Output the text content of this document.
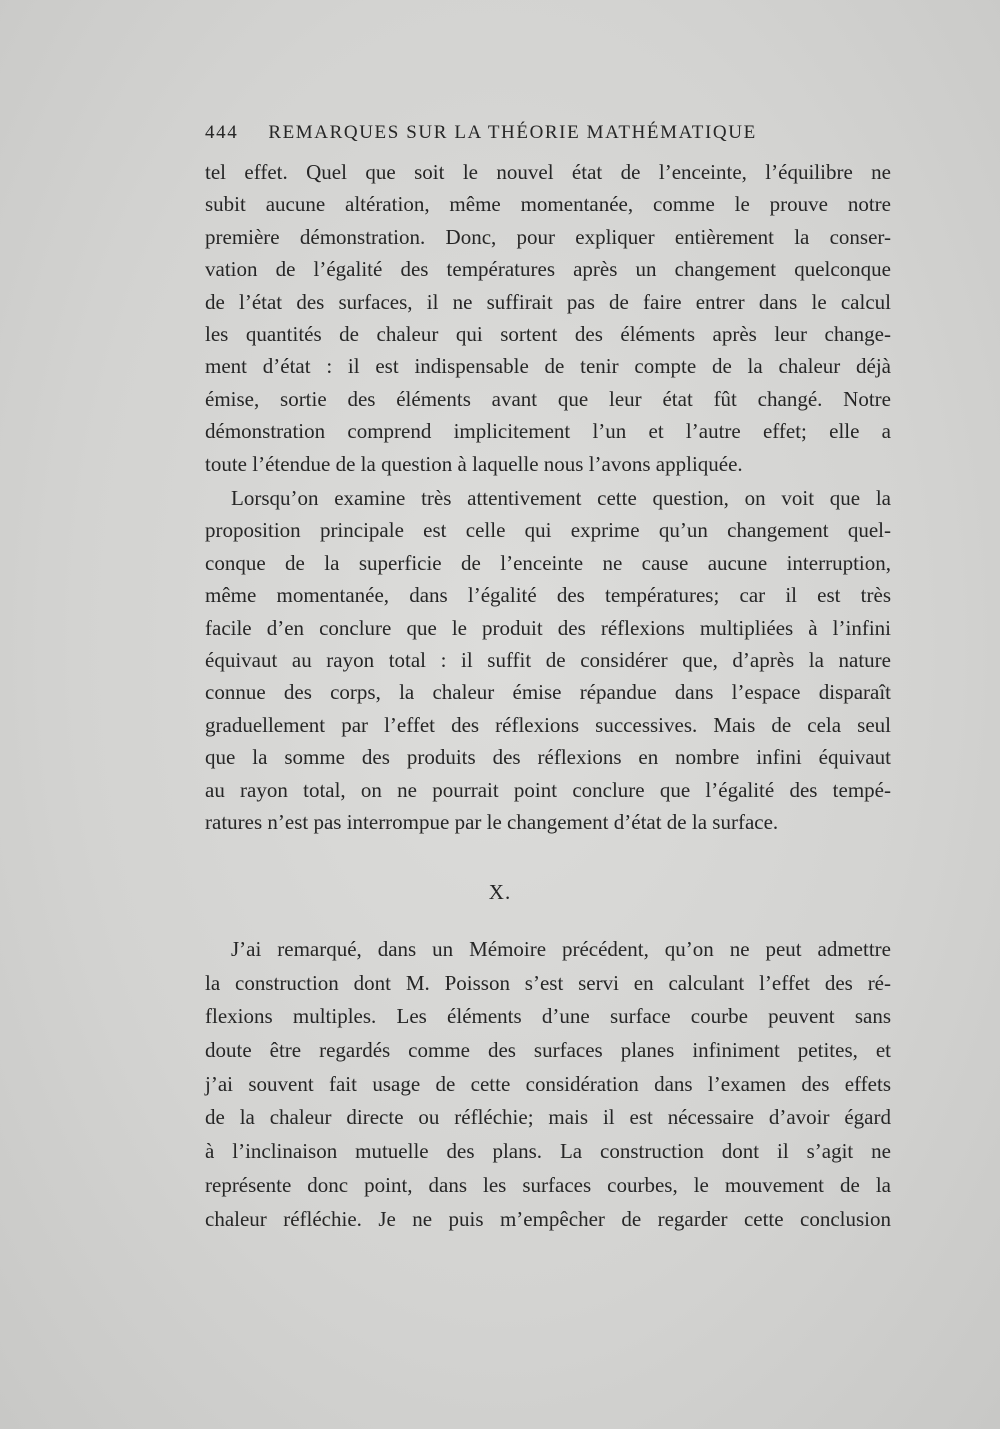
444 REMARQUES SUR LA THÉORIE MATHÉMATIQUE
tel effet. Quel que soit le nouvel état de l’enceinte, l’équilibre ne
subit aucune altération, même momentanée, comme le prouve notre
première démonstration. Donc, pour expliquer entièrement la conser-
vation de l’égalité des températures après un changement quelconque
de l’état des surfaces, il ne suffirait pas de faire entrer dans le calcul
les quantités de chaleur qui sortent des éléments après leur change-
ment d’état : il est indispensable de tenir compte de la chaleur déjà
émise, sortie des éléments avant que leur état fût changé. Notre
démonstration comprend implicitement l’un et l’autre effet; elle a
toute l’étendue de la question à laquelle nous l’avons appliquée.
Lorsqu’on examine très attentivement cette question, on voit que la
proposition principale est celle qui exprime qu’un changement quel-
conque de la superficie de l’enceinte ne cause aucune interruption,
même momentanée, dans l’égalité des températures; car il est très
facile d’en conclure que le produit des réflexions multipliées à l’infini
équivaut au rayon total : il suffit de considérer que, d’après la nature
connue des corps, la chaleur émise répandue dans l’espace disparaît
graduellement par l’effet des réflexions successives. Mais de cela seul
que la somme des produits des réflexions en nombre infini équivaut
au rayon total, on ne pourrait point conclure que l’égalité des tempé-
ratures n’est pas interrompue par le changement d’état de la surface.
X.
J’ai remarqué, dans un Mémoire précédent, qu’on ne peut admettre
la construction dont M. Poisson s’est servi en calculant l’effet des ré-
flexions multiples. Les éléments d’une surface courbe peuvent sans
doute être regardés comme des surfaces planes infiniment petites, et
j’ai souvent fait usage de cette considération dans l’examen des effets
de la chaleur directe ou réfléchie; mais il est nécessaire d’avoir égard
à l’inclinaison mutuelle des plans. La construction dont il s’agit ne
représente donc point, dans les surfaces courbes, le mouvement de la
chaleur réfléchie. Je ne puis m’empêcher de regarder cette conclusion
